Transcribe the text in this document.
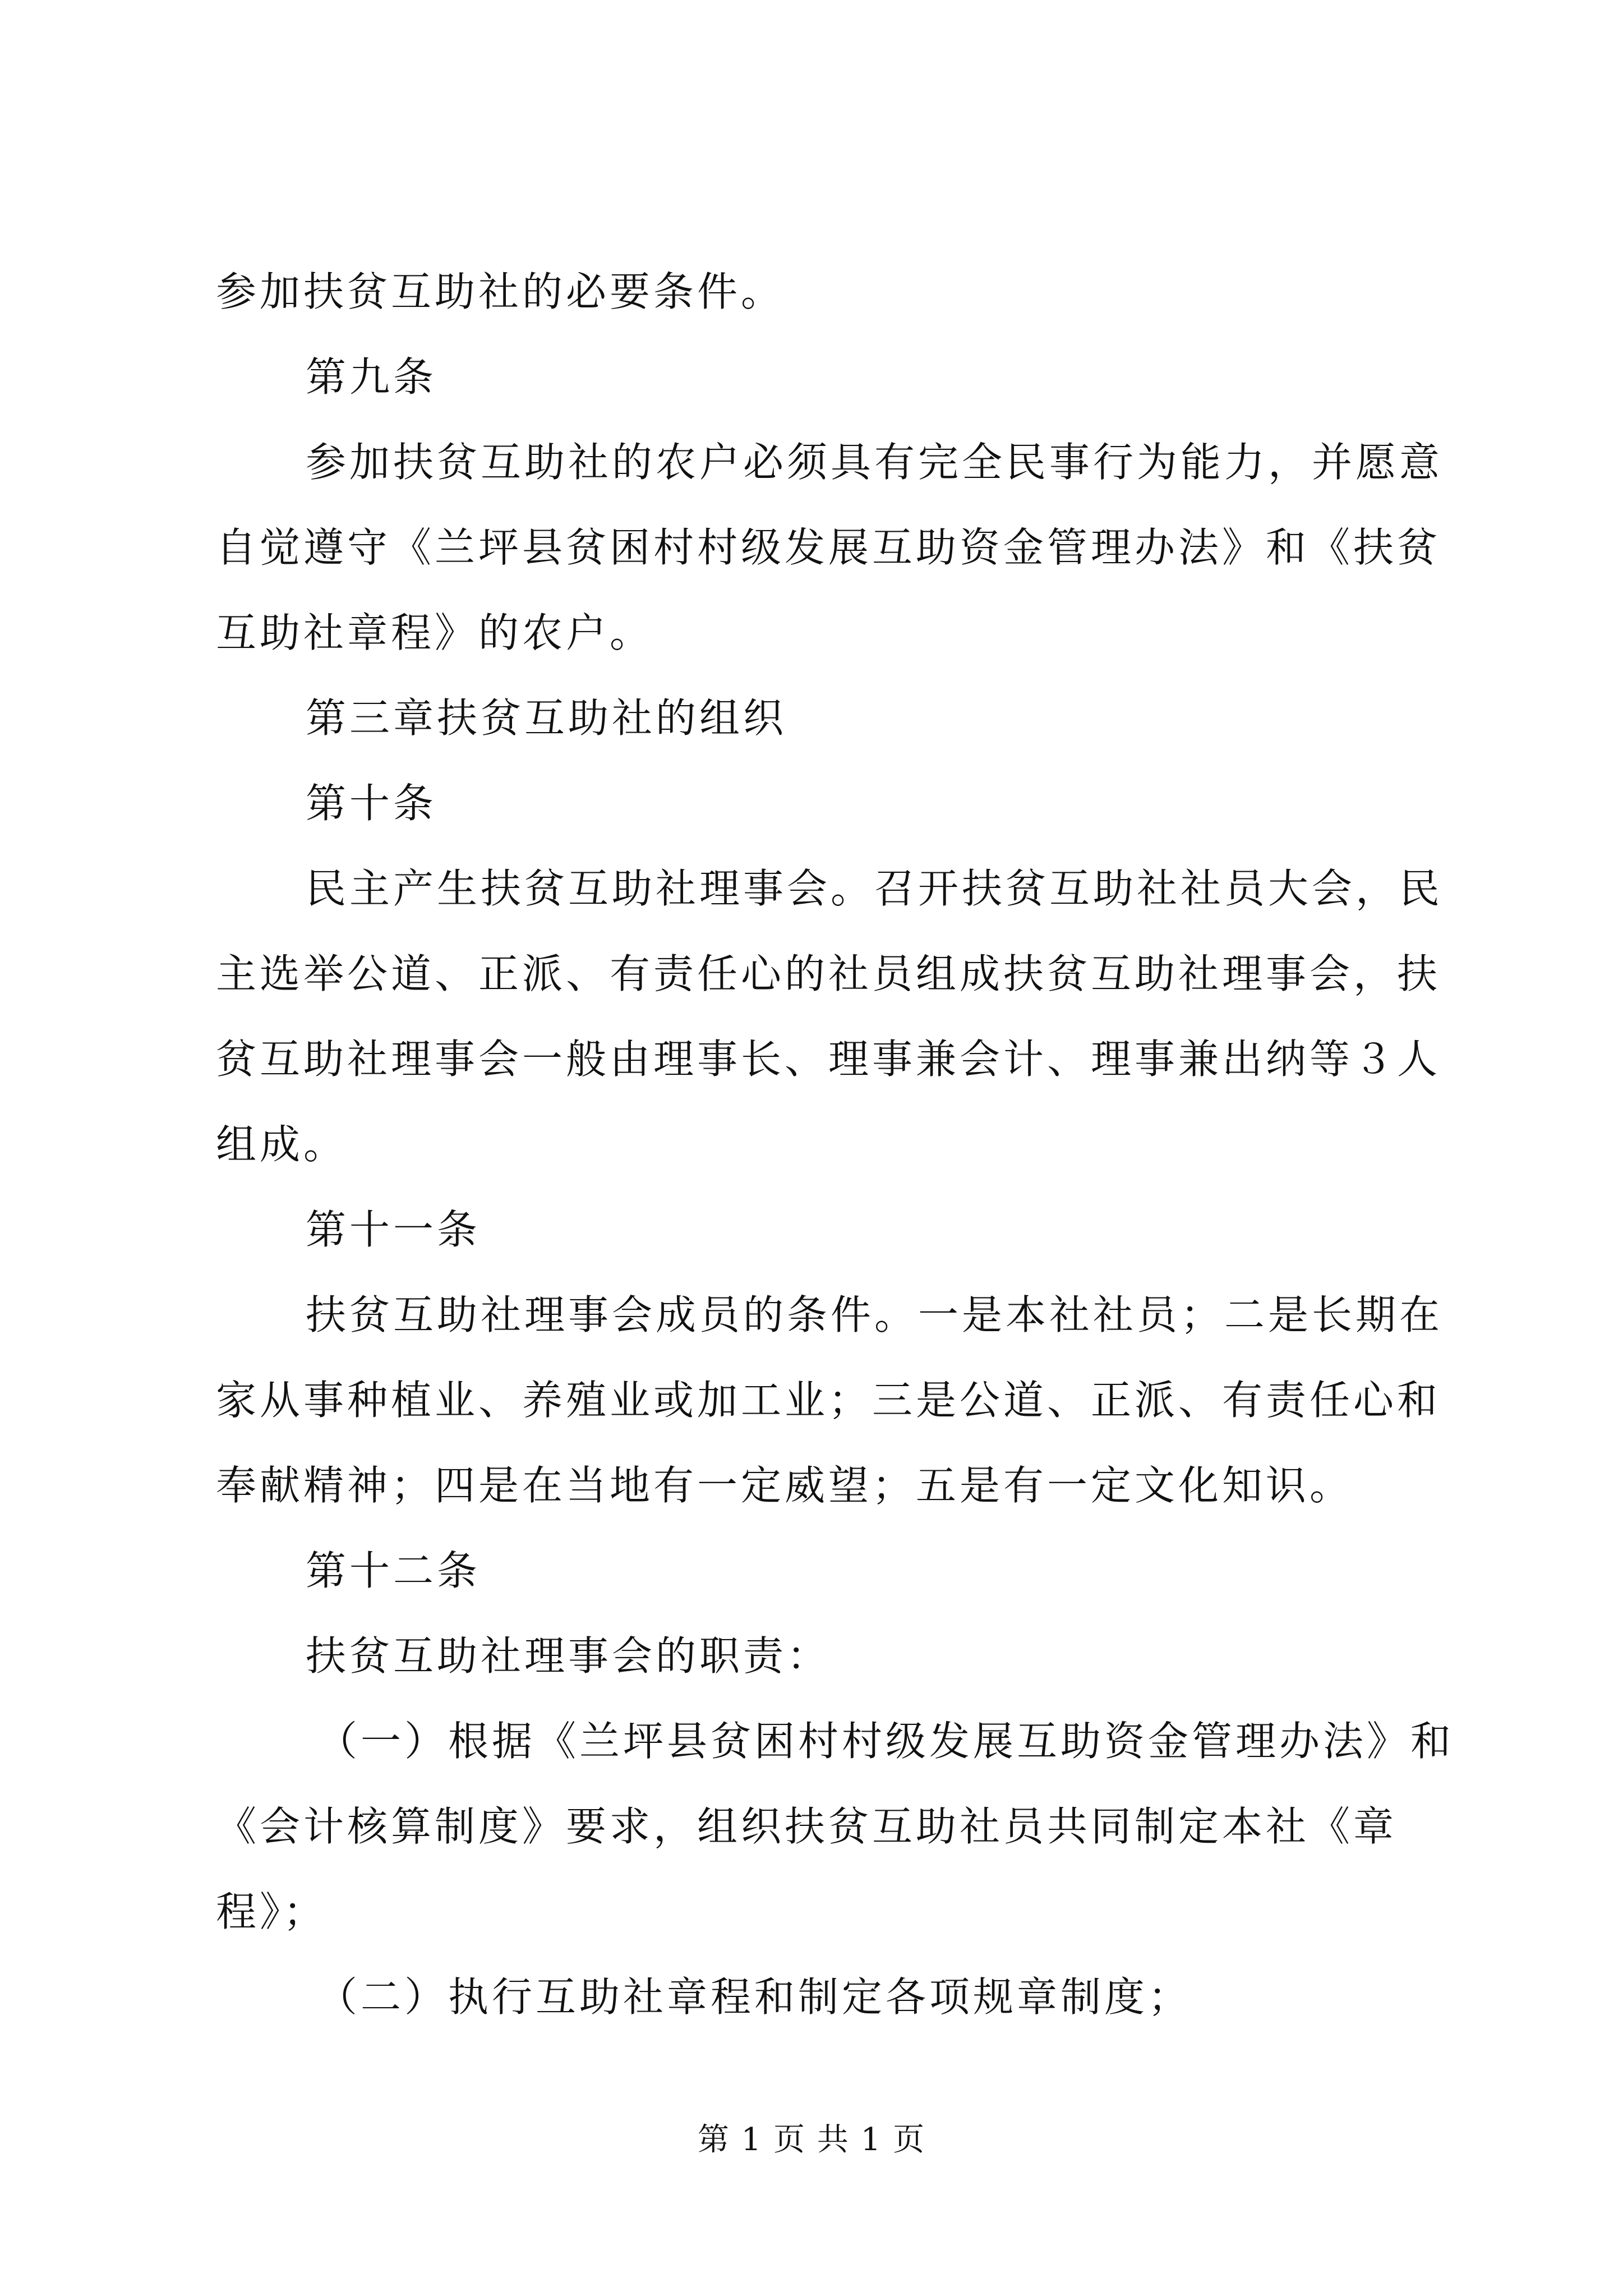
参加扶贫互助社的必要条件。
第九条
参加扶贫互助社的农户必须具有完全民事行为能力，并愿意
自觉遵守《兰坪县贫困村村级发展互助资金管理办法》和《扶贫
互助社章程》的农户。
第三章扶贫互助社的组织
第十条
民主产生扶贫互助社理事会。召开扶贫互助社社员大会，民
主选举公道、正派、有责任心的社员组成扶贫互助社理事会，扶
贫互助社理事会一般由理事长、理事兼会计、理事兼出纳等３人
组成。
第十一条
扶贫互助社理事会成员的条件。一是本社社员；二是长期在
家从事种植业、养殖业或加工业；三是公道、正派、有责任心和
奉献精神；四是在当地有一定威望；五是有一定文化知识。
第十二条
扶贫互助社理事会的职责：
（一）根据《兰坪县贫困村村级发展互助资金管理办法》和
《会计核算制度》要求，组织扶贫互助社员共同制定本社《章
程》；
（二）执行互助社章程和制定各项规章制度；
第 1 页 共 1 页
